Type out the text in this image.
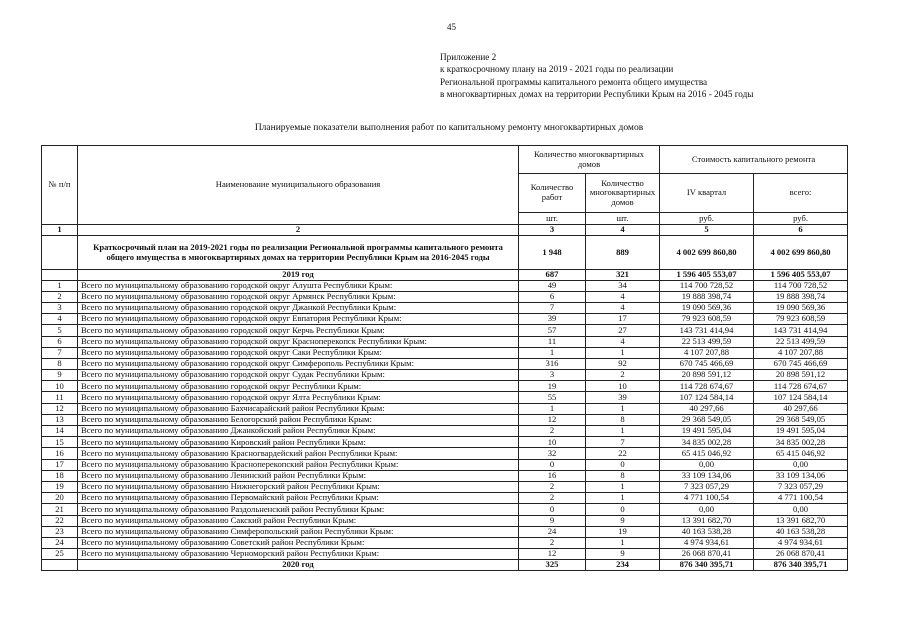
45
Приложение 2
к краткосрочному плану на 2019 - 2021 годы по реализации
Региональной программы капитального ремонта общего имущества
в многоквартирных домах на территории Республики Крым на 2016 - 2045 годы
Планируемые показатели выполнения работ по капитальному ремонту многоквартирных домов
№ п/п	Наименование муниципального образования	Количество многоквартирных домов		Стоимость капитального ремонта	
		Количество работ	Количество многоквартирных домов	IV квартал	всего:
		шт.	шт.	руб.	руб.
1	2	3	4	5	6
	Краткосрочный план на 2019-2021 годы по реализации Региональной программы капитального ремонта общего имущества в многоквартирных домах на территории Республики Крым на 2016-2045 годы	1 948	889	4 002 699 860,80	4 002 699 860,80
	2019 год	687	321	1 596 405 553,07	1 596 405 553,07
1	Всего по муниципальному образованию городской округ Алушта Республики Крым:	49	34	114 700 728,52	114 700 728,52
2	Всего по муниципальному образованию городской округ Армянск Республики Крым:	6	4	19 888 398,74	19 888 398,74
3	Всего по муниципальному образованию городской округ Джанкой Республики Крым:	7	4	19 090 569,36	19 090 569,36
4	Всего по муниципальному образованию городской округ Евпатория Республики Крым:	39	17	79 923 608,59	79 923 608,59
5	Всего по муниципальному образованию городской округ Керчь Республики Крым:	57	27	143 731 414,94	143 731 414,94
6	Всего по муниципальному образованию городской округ Красноперекопск Республики Крым:	11	4	22 513 499,59	22 513 499,59
7	Всего по муниципальному образованию городской округ Саки Республики Крым:	1	1	4 107 207,88	4 107 207,88
8	Всего по муниципальному образованию городской округ Симферополь Республики Крым:	316	92	670 745 466,69	670 745 466,69
9	Всего по муниципальному образованию городской округ Судак Республики Крым:	3	2	20 898 591,12	20 898 591,12
10	Всего по муниципальному образованию городской округ Республики Крым:	19	10	114 728 674,67	114 728 674,67
11	Всего по муниципальному образованию городской округ Ялта Республики Крым:	55	39	107 124 584,14	107 124 584,14
12	Всего по муниципальному образованию Бахчисарайский район Республики Крым:	1	1	40 297,66	40 297,66
13	Всего по муниципальному образованию Белогорский район Республики Крым:	12	8	29 368 549,05	29 368 549,05
14	Всего по муниципальному образованию Джанкойский район Республики Крым:	2	1	19 491 595,04	19 491 595,04
15	Всего по муниципальному образованию Кировский район Республики Крым:	10	7	34 835 002,28	34 835 002,28
16	Всего по муниципальному образованию Красногвардейский район Республики Крым:	32	22	65 415 046,92	65 415 046,92
17	Всего по муниципальному образованию Красноперекопский район Республики Крым:	0	0	0,00	0,00
18	Всего по муниципальному образованию Ленинский район Республики Крым:	16	8	33 109 134,06	33 109 134,06
19	Всего по муниципальному образованию Нижнегорский район Республики Крым:	2	1	7 323 057,29	7 323 057,29
20	Всего по муниципальному образованию Первомайский район Республики Крым:	2	1	4 771 100,54	4 771 100,54
21	Всего по муниципальному образованию Раздольненский район Республики Крым:	0	0	0,00	0,00
22	Всего по муниципальному образованию Сакский район Республики Крым:	9	9	13 391 682,70	13 391 682,70
23	Всего по муниципальному образованию Симферопольский район Республики Крым:	24	19	40 163 538,28	40 163 538,28
24	Всего по муниципальному образованию Советский район Республики Крым:	2	1	4 974 934,61	4 974 934,61
25	Всего по муниципальному образованию Черноморский район Республики Крым:	12	9	26 068 870,41	26 068 870,41
	2020 год	325	234	876 340 395,71	876 340 395,71
